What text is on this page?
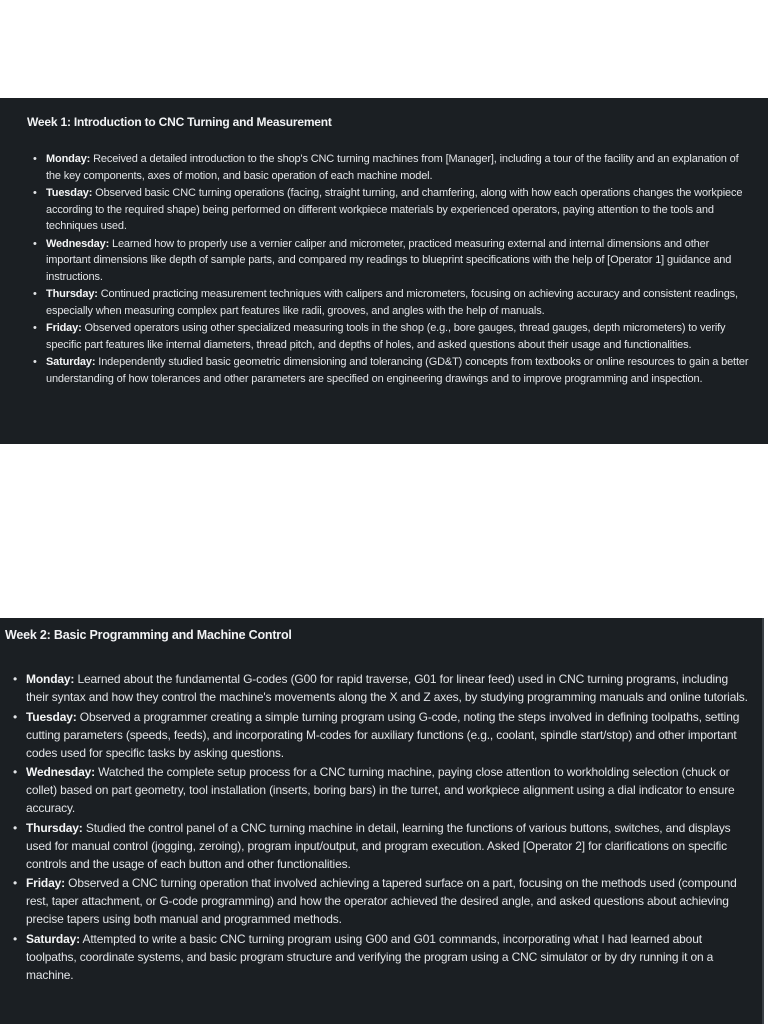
Week 1: Introduction to CNC Turning and Measurement
• Monday: Received a detailed introduction to the shop's CNC turning machines from [Manager], including a tour of the facility and an explanation of the key components, axes of motion, and basic operation of each machine model.
• Tuesday: Observed basic CNC turning operations (facing, straight turning, and chamfering, along with how each operations changes the workpiece according to the required shape) being performed on different workpiece materials by experienced operators, paying attention to the tools and techniques used.
• Wednesday: Learned how to properly use a vernier caliper and micrometer, practiced measuring external and internal dimensions and other important dimensions like depth of sample parts, and compared my readings to blueprint specifications with the help of [Operator 1] guidance and instructions.
• Thursday: Continued practicing measurement techniques with calipers and micrometers, focusing on achieving accuracy and consistent readings, especially when measuring complex part features like radii, grooves, and angles with the help of manuals.
• Friday: Observed operators using other specialized measuring tools in the shop (e.g., bore gauges, thread gauges, depth micrometers) to verify specific part features like internal diameters, thread pitch, and depths of holes, and asked questions about their usage and functionalities.
• Saturday: Independently studied basic geometric dimensioning and tolerancing (GD&T) concepts from textbooks or online resources to gain a better understanding of how tolerances and other parameters are specified on engineering drawings and to improve programming and inspection.
Week 2: Basic Programming and Machine Control
• Monday: Learned about the fundamental G-codes (G00 for rapid traverse, G01 for linear feed) used in CNC turning programs, including their syntax and how they control the machine's movements along the X and Z axes, by studying programming manuals and online tutorials.
• Tuesday: Observed a programmer creating a simple turning program using G-code, noting the steps involved in defining toolpaths, setting cutting parameters (speeds, feeds), and incorporating M-codes for auxiliary functions (e.g., coolant, spindle start/stop) and other important codes used for specific tasks by asking questions.
• Wednesday: Watched the complete setup process for a CNC turning machine, paying close attention to workholding selection (chuck or collet) based on part geometry, tool installation (inserts, boring bars) in the turret, and workpiece alignment using a dial indicator to ensure accuracy.
• Thursday: Studied the control panel of a CNC turning machine in detail, learning the functions of various buttons, switches, and displays used for manual control (jogging, zeroing), program input/output, and program execution. Asked [Operator 2] for clarifications on specific controls and the usage of each button and other functionalities.
• Friday: Observed a CNC turning operation that involved achieving a tapered surface on a part, focusing on the methods used (compound rest, taper attachment, or G-code programming) and how the operator achieved the desired angle, and asked questions about achieving precise tapers using both manual and programmed methods.
• Saturday: Attempted to write a basic CNC turning program using G00 and G01 commands, incorporating what I had learned about toolpaths, coordinate systems, and basic program structure and verifying the program using a CNC simulator or by dry running it on a machine.
